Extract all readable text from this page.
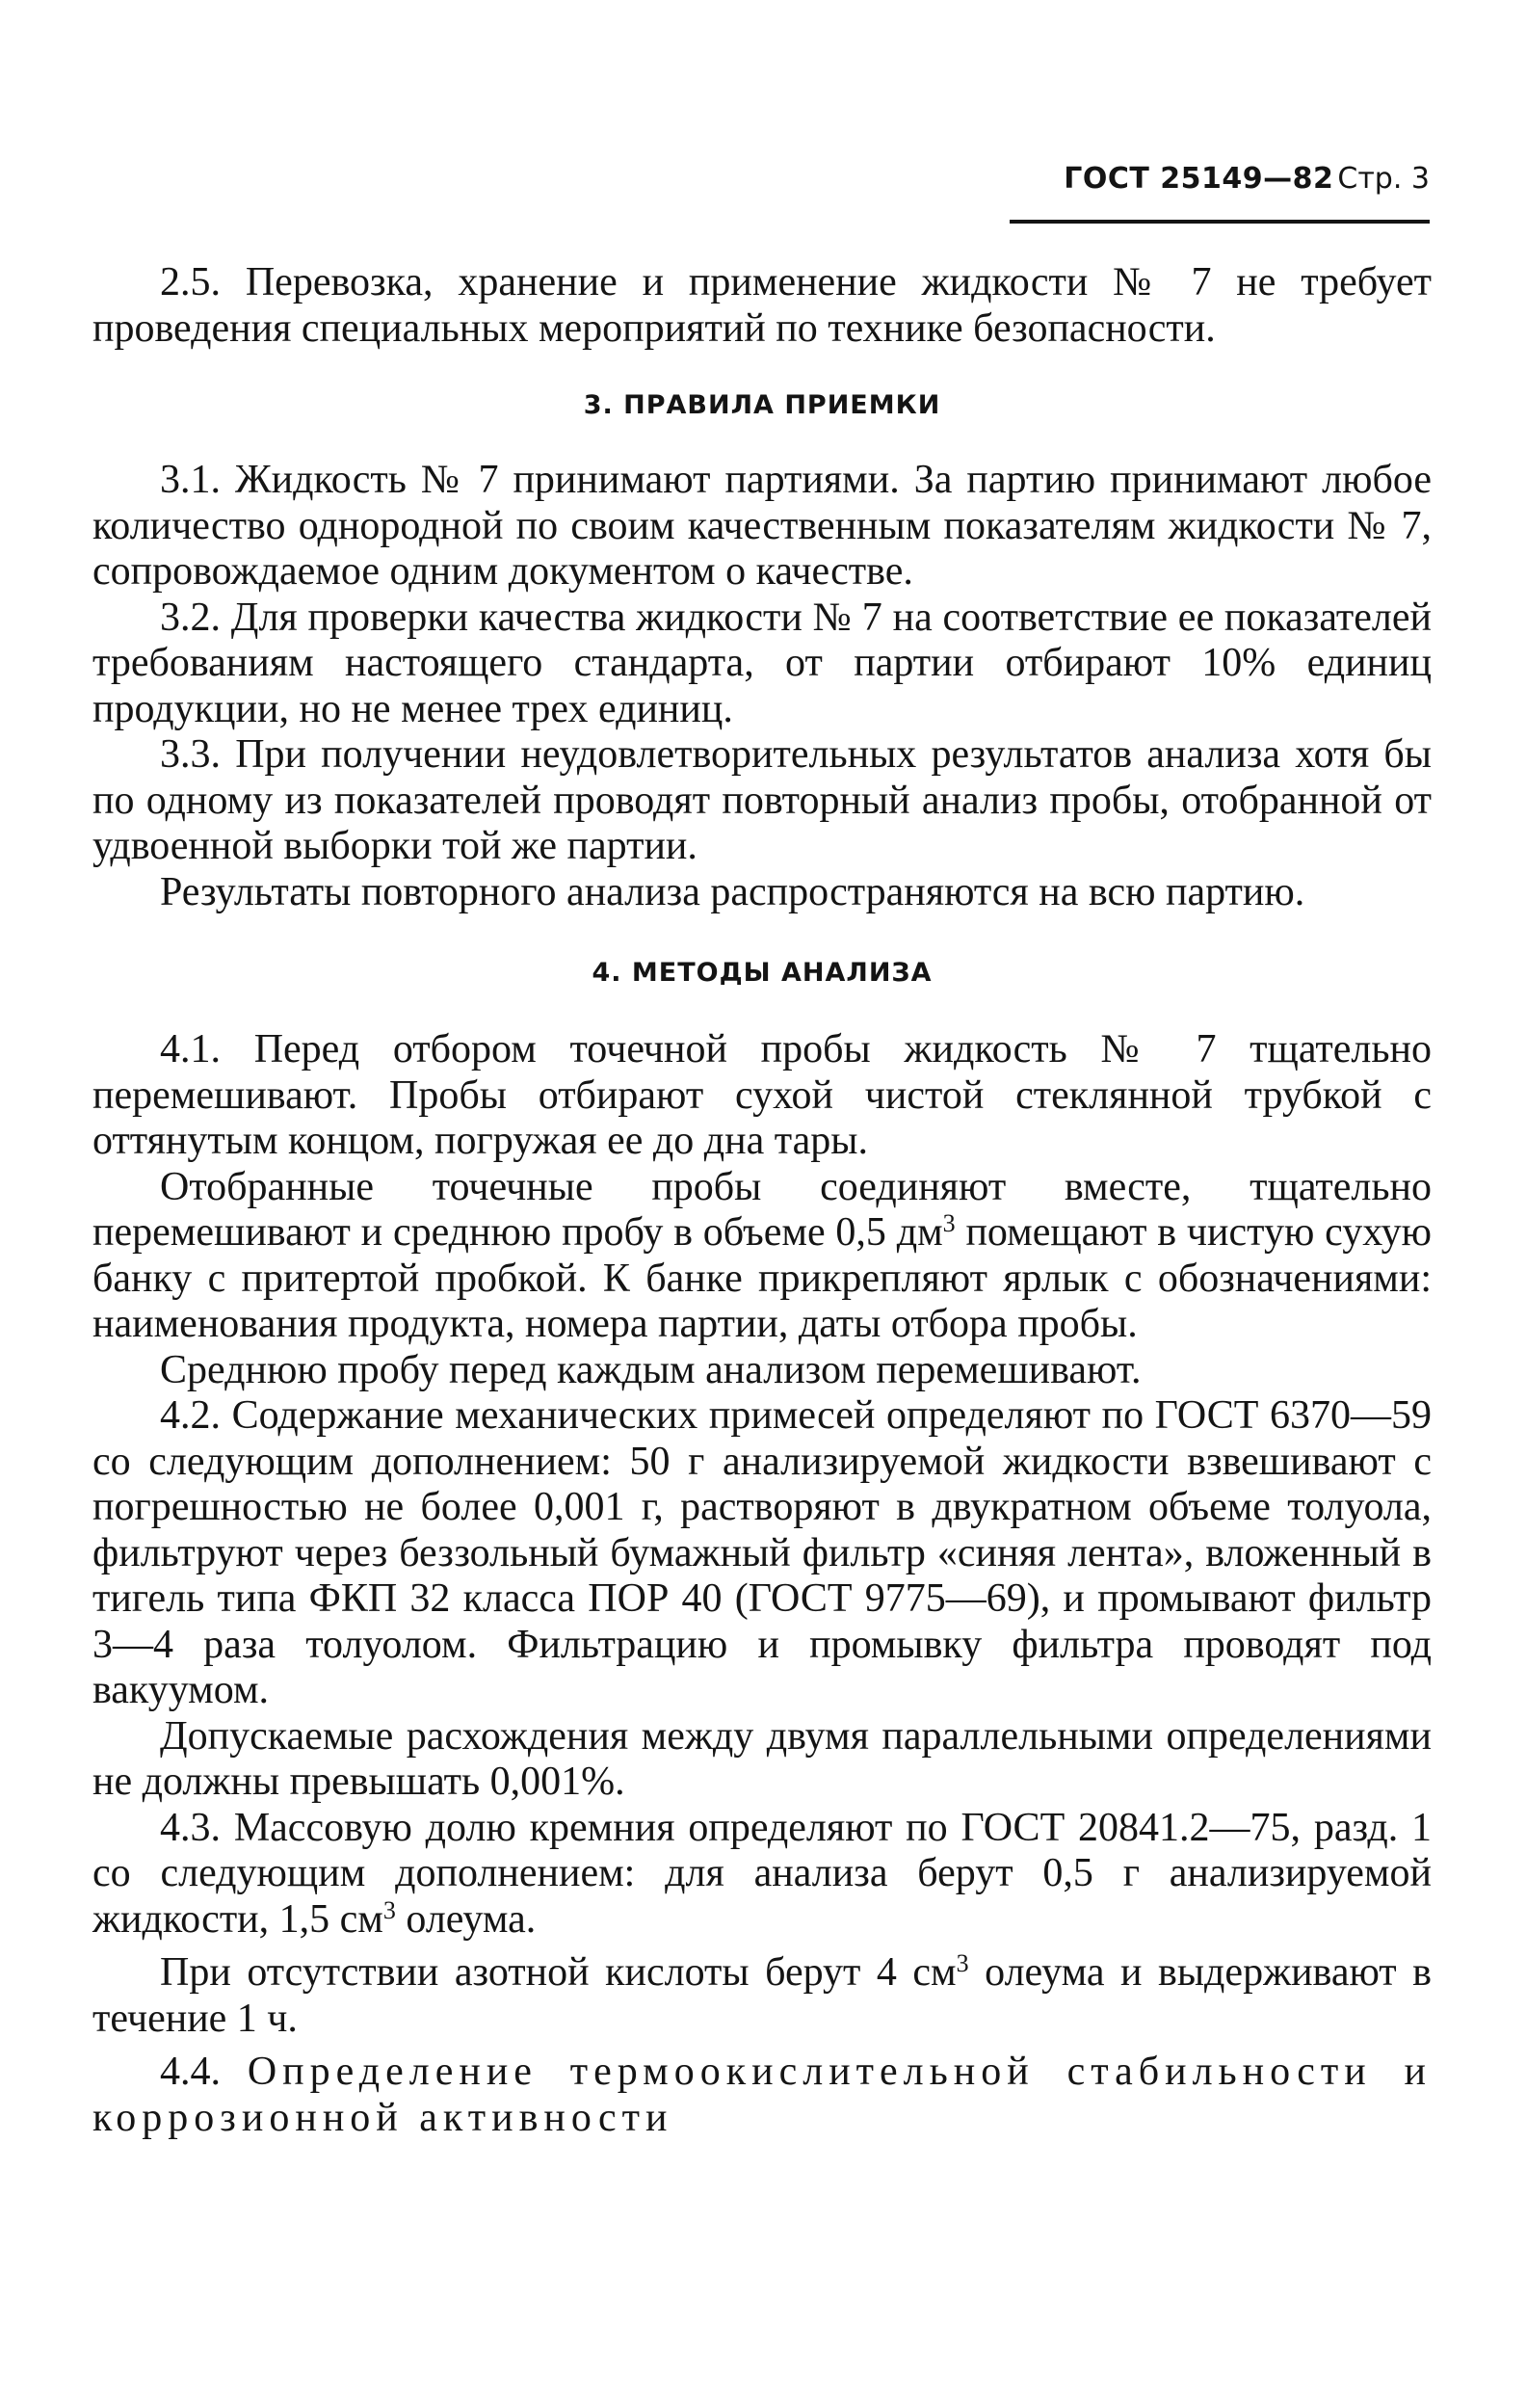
ГОСТ 25149—82 Стр. 3

2.5. Перевозка, хранение и применение жидкости № 7 не требует проведения специальных мероприятий по технике безопасности.

3. ПРАВИЛА ПРИЕМКИ

3.1. Жидкость № 7 принимают партиями. За партию принимают любое количество однородной по своим качественным показателям жидкости № 7, сопровождаемое одним документом о качестве.

3.2. Для проверки качества жидкости № 7 на соответствие ее показателей требованиям настоящего стандарта, от партии отбирают 10% единиц продукции, но не менее трех единиц.

3.3. При получении неудовлетворительных результатов анализа хотя бы по одному из показателей проводят повторный анализ пробы, отобранной от удвоенной выборки той же партии.

Результаты повторного анализа распространяются на всю партию.

4. МЕТОДЫ АНАЛИЗА

4.1. Перед отбором точечной пробы жидкость № 7 тщательно перемешивают. Пробы отбирают сухой чистой стеклянной трубкой с оттянутым концом, погружая ее до дна тары.

Отобранные точечные пробы соединяют вместе, тщательно перемешивают и среднюю пробу в объеме 0,5 $дм^3$ помещают в чистую сухую банку с притертой пробкой. К банке прикрепляют ярлык с обозначениями: наименования продукта, номера партии, даты отбора пробы.

Среднюю пробу перед каждым анализом перемешивают.

4.2. Содержание механических примесей определяют по ГОСТ 6370—59 со следующим дополнением: 50 г анализируемой жидкости взвешивают с погрешностью не более 0,001 г, растворяют в двукратном объеме толуола, фильтруют через беззольный бумажный фильтр «синяя лента», вложенный в тигель типа ФКП 32 класса ПОР 40 (ГОСТ 9775—69), и промывают фильтр 3—4 раза толуолом. Фильтрацию и промывку фильтра проводят под вакуумом.

Допускаемые расхождения между двумя параллельными определениями не должны превышать 0,001%.

4.3. Массовую долю кремния определяют по ГОСТ 20841.2—75, разд. 1 со следующим дополнением: для анализа берут 0,5 г анализируемой жидкости, 1,5 $см^3$ олеума.

При отсутствии азотной кислоты берут 4 $см^3$ олеума и выдерживают в течение 1 ч.

4.4. Определение термоокислительной стабильности и коррозионной активности
